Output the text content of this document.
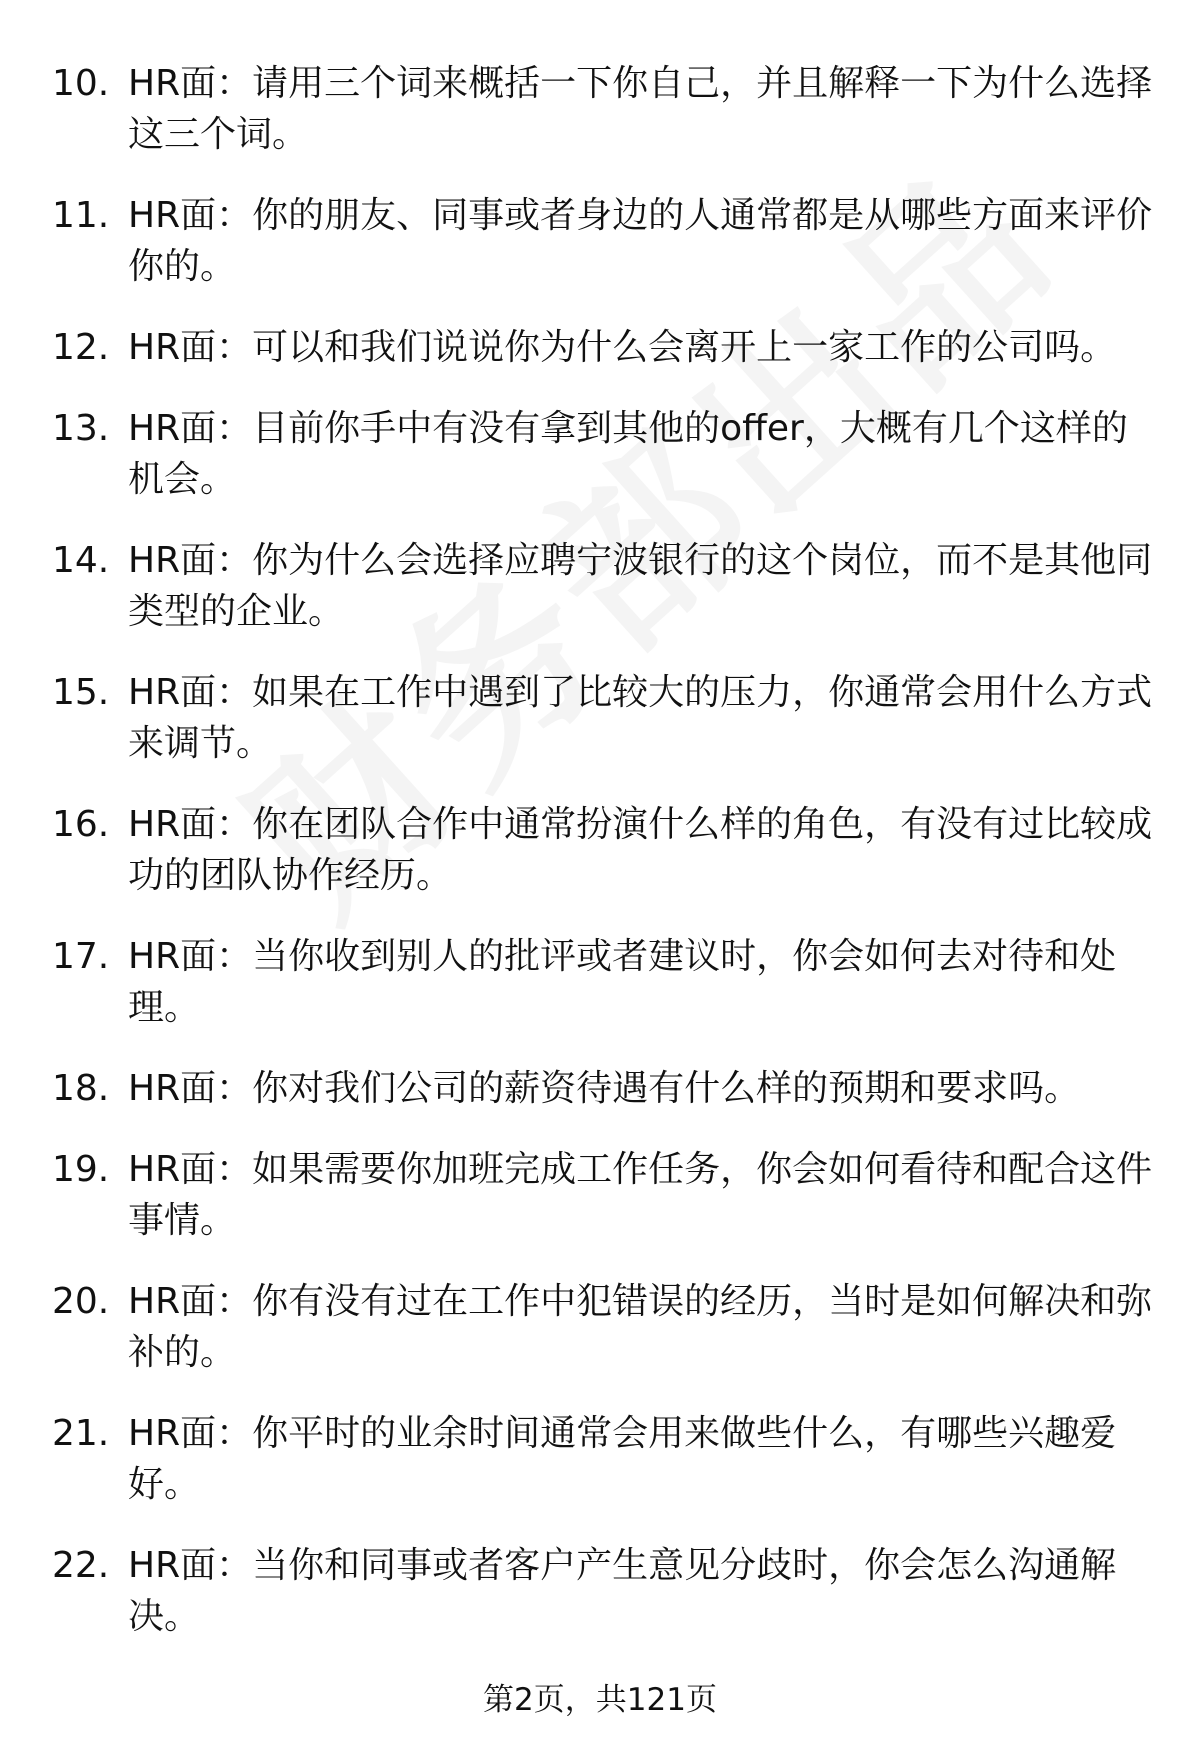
10. HR面：请用三个词来概括一下你自己，并且解释一下为什么选择这三个词。
11. HR面：你的朋友、同事或者身边的人通常都是从哪些方面来评价你的。
12. HR面：可以和我们说说你为什么会离开上一家工作的公司吗。
13. HR面：目前你手中有没有拿到其他的offer，大概有几个这样的机会。
14. HR面：你为什么会选择应聘宁波银行的这个岗位，而不是其他同类型的企业。
15. HR面：如果在工作中遇到了比较大的压力，你通常会用什么方式来调节。
16. HR面：你在团队合作中通常扮演什么样的角色，有没有过比较成功的团队协作经历。
17. HR面：当你收到别人的批评或者建议时，你会如何去对待和处理。
18. HR面：你对我们公司的薪资待遇有什么样的预期和要求吗。
19. HR面：如果需要你加班完成工作任务，你会如何看待和配合这件事情。
20. HR面：你有没有过在工作中犯错误的经历，当时是如何解决和弥补的。
21. HR面：你平时的业余时间通常会用来做些什么，有哪些兴趣爱好。
22. HR面：当你和同事或者客户产生意见分歧时，你会怎么沟通解决。
第2页，共121页
